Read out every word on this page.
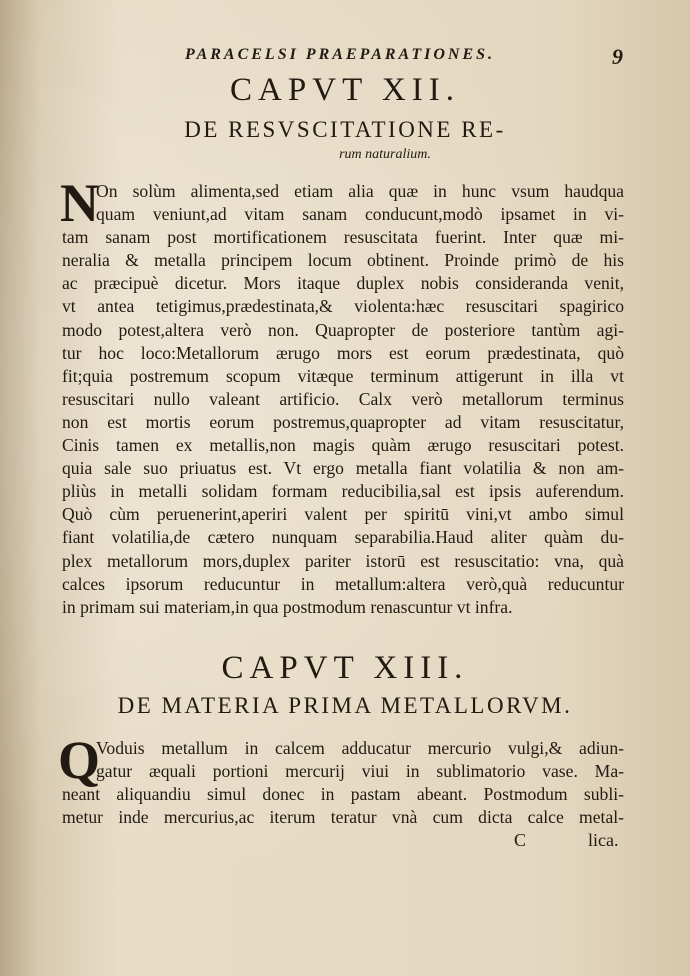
PARACELSI PRAEPARATIONES.	9
CAPVT XII.
DE RESVSCITATIONE RE-
rum naturalium.
N
On solùm alimenta,sed etiam alia quæ in hunc vsum haudqua
quam veniunt,ad vitam sanam conducunt,modò ipsamet in vi-
tam sanam post mortificationem resuscitata fuerint. Inter quæ mi-
neralia & metalla principem locum obtinent. Proinde primò de his
ac præcipuè dicetur. Mors itaque duplex nobis consideranda venit,
vt antea tetigimus,prædestinata,& violenta:hæc resuscitari spagirico
modo potest,altera verò non. Quapropter de posteriore tantùm agi-
tur hoc loco:Metallorum ærugo mors est eorum prædestinata, quò
fit;quia postremum scopum vitæque terminum attigerunt in illa vt
resuscitari nullo valeant artificio. Calx verò metallorum terminus
non est mortis eorum postremus,quapropter ad vitam resuscitatur,
Cinis tamen ex metallis,non magis quàm ærugo resuscitari potest.
quia sale suo priuatus est. Vt ergo metalla fiant volatilia & non am-
pliùs in metalli solidam formam reducibilia,sal est ipsis auferendum.
Quò cùm peruenerint,aperiri valent per spiritū vini,vt ambo simul
fiant volatilia,de cætero nunquam separabilia.Haud aliter quàm du-
plex metallorum mors,duplex pariter istorū est resuscitatio: vna, quà
calces ipsorum reducuntur in metallum:altera verò,quà reducuntur
in primam sui materiam,in qua postmodum renascuntur vt infra.
CAPVT XIII.
DE MATERIA PRIMA METALLORVM.
Q
Voduis metallum in calcem adducatur mercurio vulgi,& adiun-
gatur æquali portioni mercurij viui in sublimatorio vase. Ma-
neant aliquandiu simul donec in pastam abeant. Postmodum subli-
metur inde mercurius,ac iterum teratur vnà cum dicta calce metal-
C	lica.
